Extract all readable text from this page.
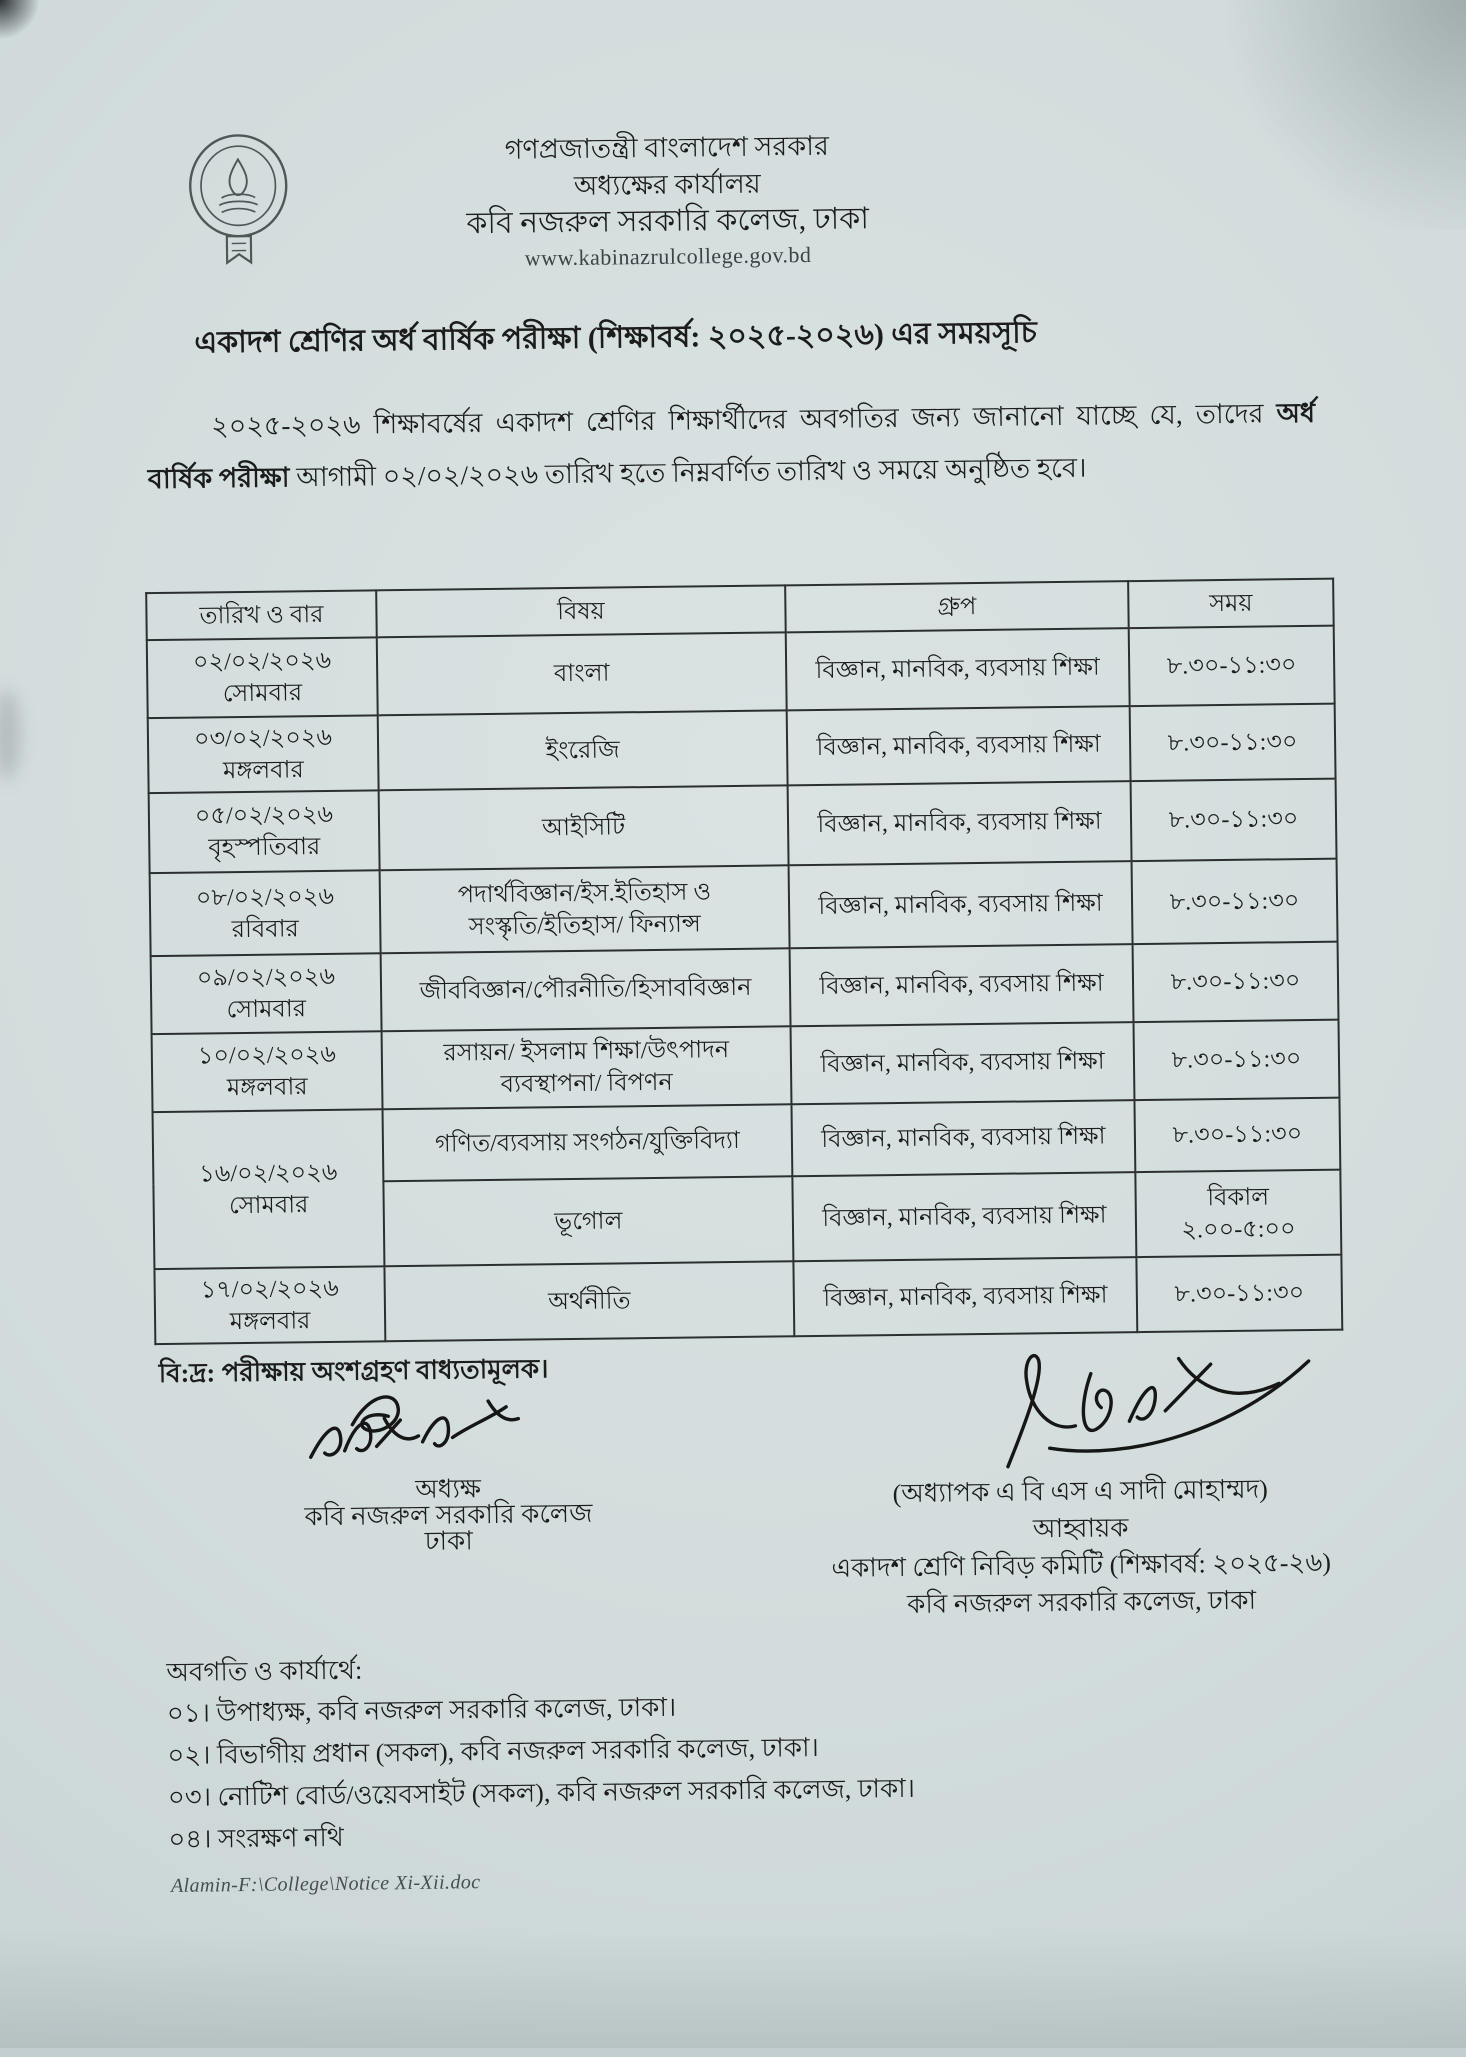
গণপ্রজাতন্ত্রী বাংলাদেশ সরকার
অধ্যক্ষের কার্যালয়
কবি নজরুল সরকারি কলেজ, ঢাকা
www.kabinazrulcollege.gov.bd
একাদশ শ্রেণির অর্ধ বার্ষিক পরীক্ষা (শিক্ষাবর্ষ: ২০২৫-২০২৬) এর সময়সূচি

২০২৫-২০২৬ শিক্ষাবর্ষের একাদশ শ্রেণির শিক্ষার্থীদের অবগতির জন্য জানানো যাচ্ছে যে, তাদের অর্ধ বার্ষিক পরীক্ষা আগামী ০২/০২/২০২৬ তারিখ হতে নিম্নবর্ণিত তারিখ ও সময়ে অনুষ্ঠিত হবে।

তারিখ ও বার	বিষয়	গ্রুপ	সময়
০২/০২/২০২৬
সোমবার	বাংলা	বিজ্ঞান, মানবিক, ব্যবসায় শিক্ষা	৮.৩০-১১:৩০
০৩/০২/২০২৬
মঙ্গলবার	ইংরেজি	বিজ্ঞান, মানবিক, ব্যবসায় শিক্ষা	৮.৩০-১১:৩০
০৫/০২/২০২৬
বৃহস্পতিবার	আইসিটি	বিজ্ঞান, মানবিক, ব্যবসায় শিক্ষা	৮.৩০-১১:৩০
০৮/০২/২০২৬
রবিবার	পদার্থবিজ্ঞান/ইস.ইতিহাস ও
সংস্কৃতি/ইতিহাস/ ফিন্যান্স	বিজ্ঞান, মানবিক, ব্যবসায় শিক্ষা	৮.৩০-১১:৩০
০৯/০২/২০২৬
সোমবার	জীববিজ্ঞান/পৌরনীতি/হিসাববিজ্ঞান	বিজ্ঞান, মানবিক, ব্যবসায় শিক্ষা	৮.৩০-১১:৩০
১০/০২/২০২৬
মঙ্গলবার	রসায়ন/ ইসলাম শিক্ষা/উৎপাদন
ব্যবস্থাপনা/ বিপণন	বিজ্ঞান, মানবিক, ব্যবসায় শিক্ষা	৮.৩০-১১:৩০
১৬/০২/২০২৬
সোমবার	গণিত/ব্যবসায় সংগঠন/যুক্তিবিদ্যা	বিজ্ঞান, মানবিক, ব্যবসায় শিক্ষা	৮.৩০-১১:৩০
	ভূগোল	বিজ্ঞান, মানবিক, ব্যবসায় শিক্ষা	বিকাল
২.০০-৫:০০
১৭/০২/২০২৬
মঙ্গলবার	অর্থনীতি	বিজ্ঞান, মানবিক, ব্যবসায় শিক্ষা	৮.৩০-১১:৩০

বি:দ্র: পরীক্ষায় অংশগ্রহণ বাধ্যতামূলক।

অধ্যক্ষ
কবি নজরুল সরকারি কলেজ
ঢাকা
(অধ্যাপক এ বি এস এ সাদী মোহাম্মদ)
আহ্বায়ক
একাদশ শ্রেণি নিবিড় কমিটি (শিক্ষাবর্ষ: ২০২৫-২৬)
কবি নজরুল সরকারি কলেজ, ঢাকা
অবগতি ও কার্যার্থে:
০১। উপাধ্যক্ষ, কবি নজরুল সরকারি কলেজ, ঢাকা।
০২। বিভাগীয় প্রধান (সকল), কবি নজরুল সরকারি কলেজ, ঢাকা।
০৩। নোটিশ বোর্ড/ওয়েবসাইট (সকল), কবি নজরুল সরকারি কলেজ, ঢাকা।
০৪। সংরক্ষণ নথি
Alamin-F:\College\Notice Xi-Xii.doc
